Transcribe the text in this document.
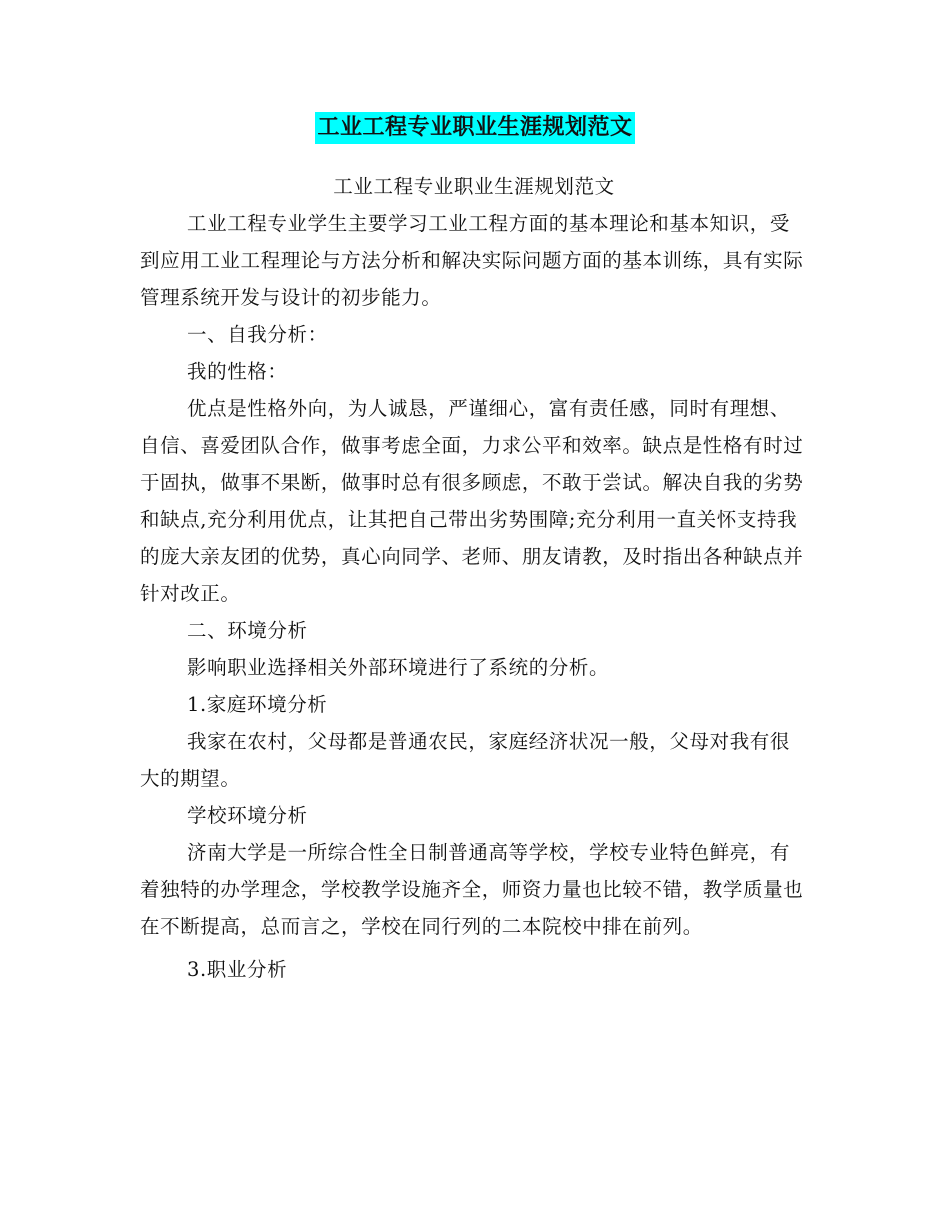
工业工程专业职业生涯规划范文

工业工程专业职业生涯规划范文

工业工程专业学生主要学习工业工程方面的基本理论和基本知识，受到应用工业工程理论与方法分析和解决实际问题方面的基本训练，具有实际管理系统开发与设计的初步能力。

一、自我分析：

我的性格：

优点是性格外向，为人诚恳，严谨细心，富有责任感，同时有理想、自信、喜爱团队合作，做事考虑全面，力求公平和效率。缺点是性格有时过于固执，做事不果断，做事时总有很多顾虑，不敢于尝试。解决自我的劣势和缺点,充分利用优点，让其把自己带出劣势围障;充分利用一直关怀支持我的庞大亲友团的优势，真心向同学、老师、朋友请教，及时指出各种缺点并针对改正。

二、环境分析

影响职业选择相关外部环境进行了系统的分析。

1.家庭环境分析

我家在农村，父母都是普通农民，家庭经济状况一般，父母对我有很大的期望。

学校环境分析

济南大学是一所综合性全日制普通高等学校，学校专业特色鲜亮，有着独特的办学理念，学校教学设施齐全，师资力量也比较不错，教学质量也在不断提高，总而言之，学校在同行列的二本院校中排在前列。

3.职业分析
